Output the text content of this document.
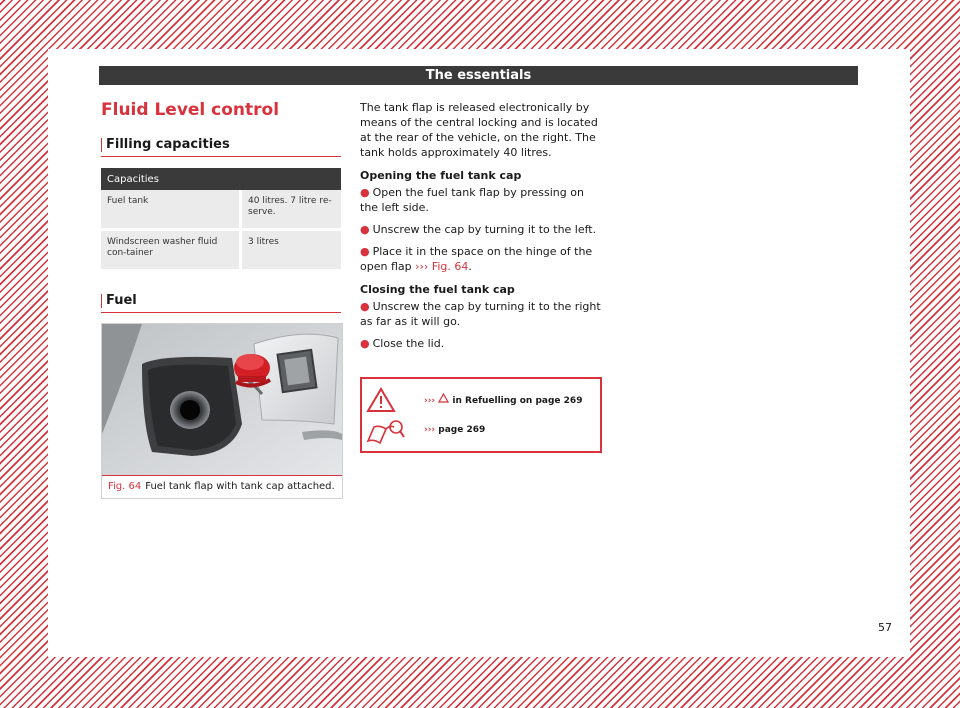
The essentials
Fluid Level control
Filling capacities
Capacities	
Fuel tank	40 litres. 7 litre re-serve.
Windscreen washer fluid con-tainer	3 litres
Fuel
Fig. 64 Fuel tank flap with tank cap attached.

The tank flap is released electronically by means of the central locking and is located at the rear of the vehicle, on the right. The tank holds approximately 40 litres.

Opening the fuel tank cap

● Open the fuel tank flap by pressing on the left side.

● Unscrew the cap by turning it to the left.

● Place it in the space on the hinge of the open flap ››› Fig. 64.

Closing the fuel tank cap

● Unscrew the cap by turning it to the right as far as it will go.

● Close the lid.

››› in Refuelling on page 269
››› page 269
57
